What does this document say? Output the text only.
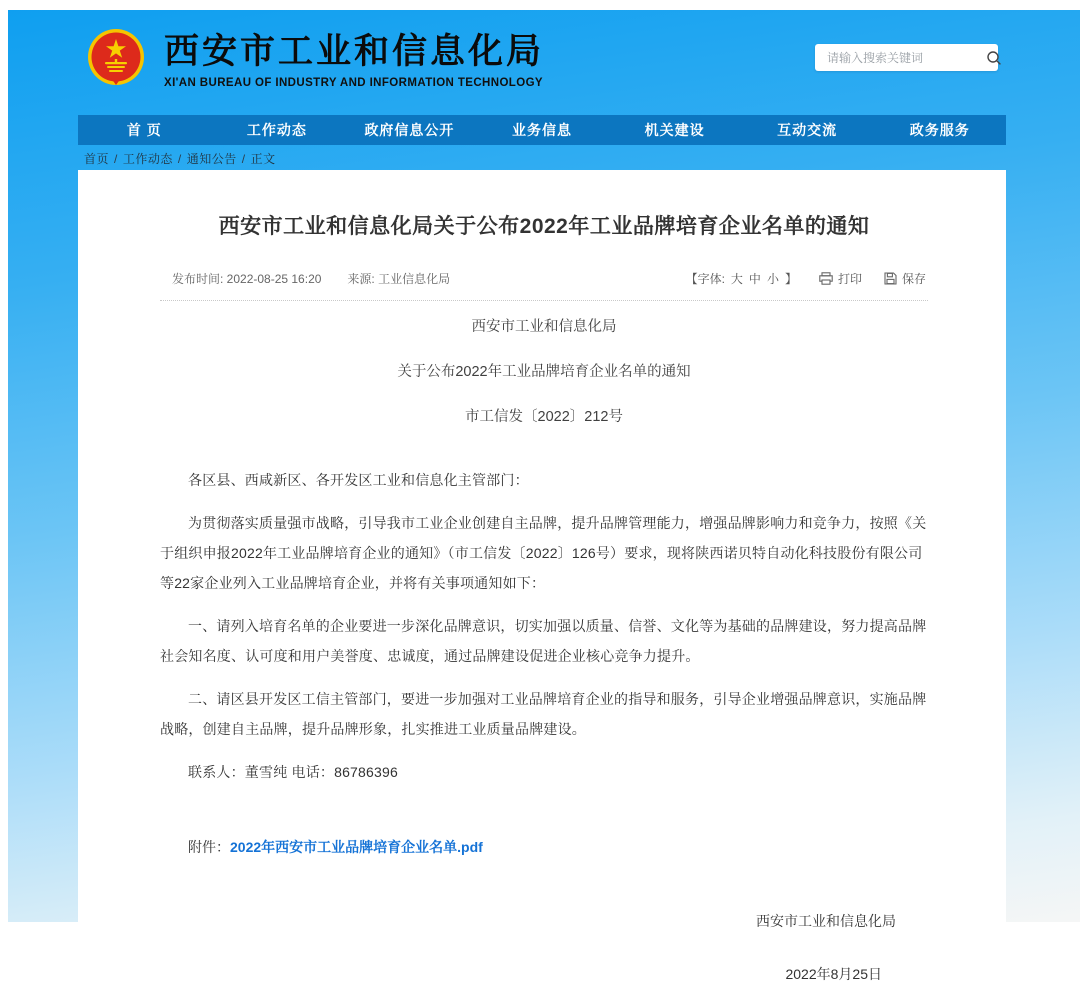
西安市工业和信息化局
XI'AN BUREAU OF INDUSTRY AND INFORMATION TECHNOLOGY
请输入搜索关键词
首 页	工作动态	政府信息公开	业务信息	机关建设	互动交流	政务服务
首页 / 工作动态 / 通知公告 / 正文
西安市工业和信息化局关于公布2022年工业品牌培育企业名单的通知
发布时间: 2022-08-25 16:20 来源: 工业信息化局	【字体: 大 中 小 】	打印	保存

西安市工业和信息化局

关于公布2022年工业品牌培育企业名单的通知

市工信发〔2022〕212号

各区县、西咸新区、各开发区工业和信息化主管部门：

为贯彻落实质量强市战略，引导我市工业企业创建自主品牌，提升品牌管理能力，增强品牌影响力和竞争力，按照《关于组织申报2022年工业品牌培育企业的通知》（市工信发〔2022〕126号）要求，现将陕西诺贝特自动化科技股份有限公司等22家企业列入工业品牌培育企业，并将有关事项通知如下：

一、请列入培育名单的企业要进一步深化品牌意识，切实加强以质量、信誉、文化等为基础的品牌建设，努力提高品牌社会知名度、认可度和用户美誉度、忠诚度，通过品牌建设促进企业核心竞争力提升。

二、请区县开发区工信主管部门，要进一步加强对工业品牌培育企业的指导和服务，引导企业增强品牌意识，实施品牌战略，创建自主品牌，提升品牌形象，扎实推进工业质量品牌建设。

联系人：董雪纯 电话：86786396

附件：2022年西安市工业品牌培育企业名单.pdf

西安市工业和信息化局
2022年8月25日
